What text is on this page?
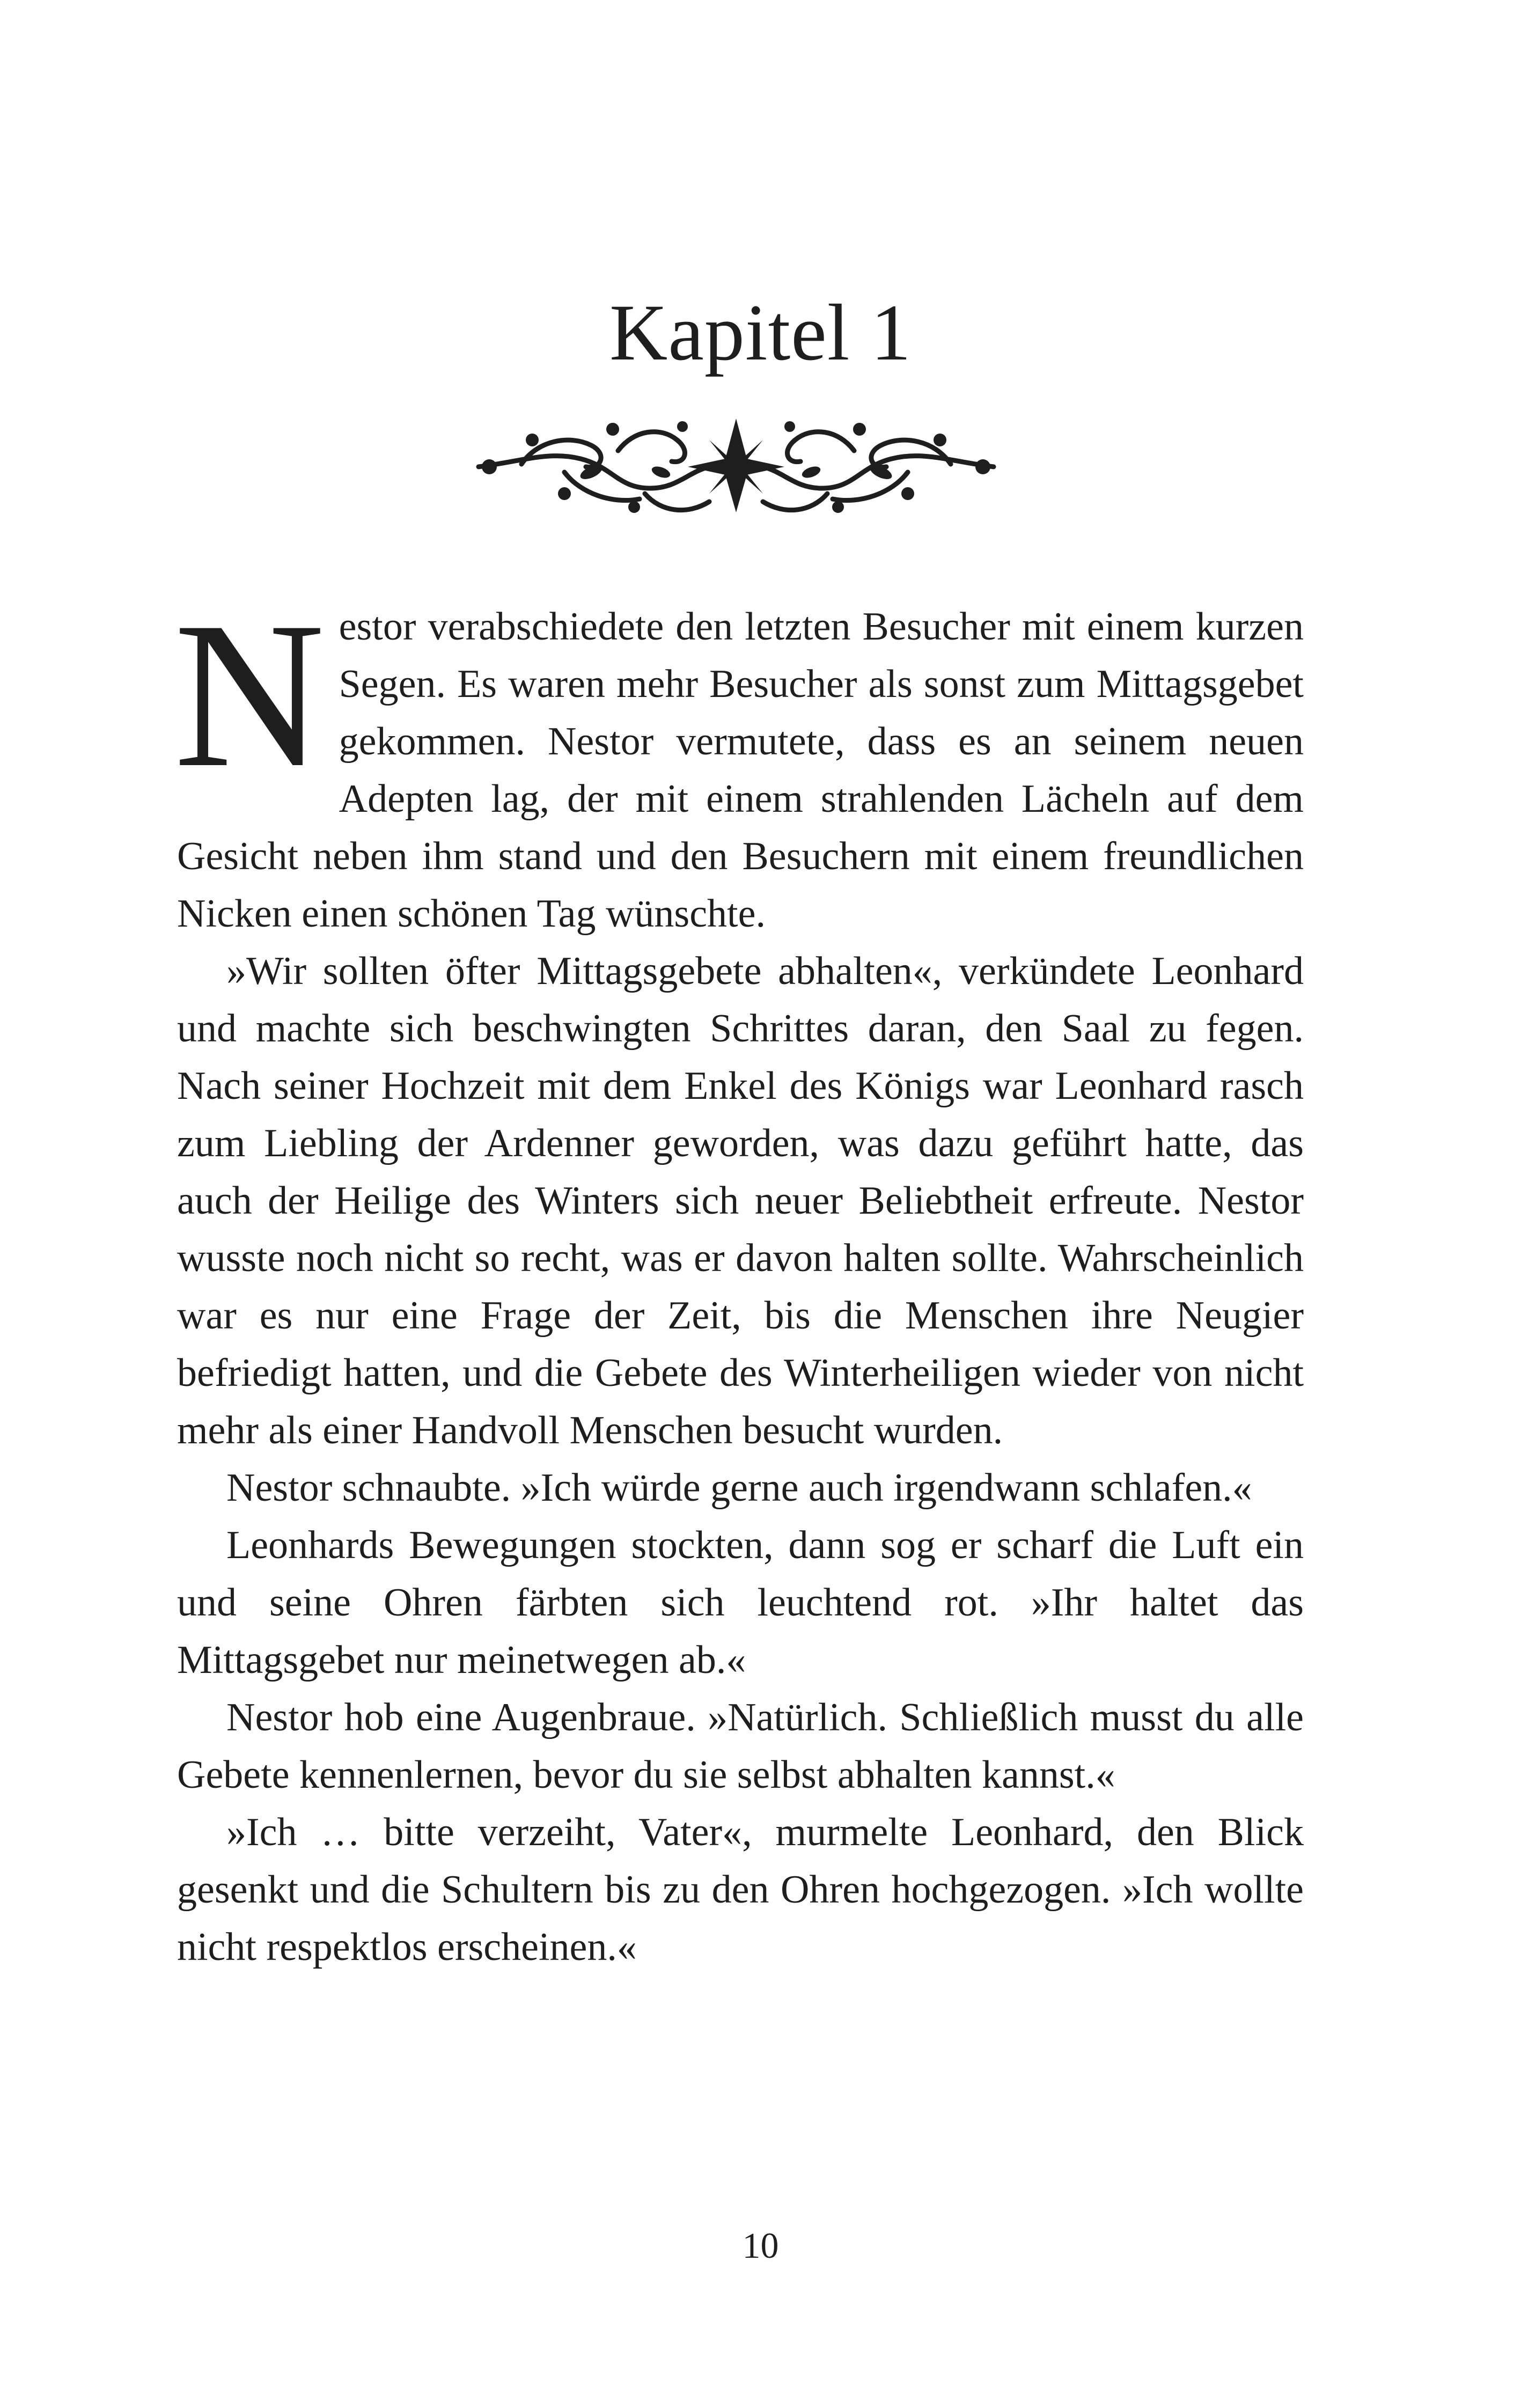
Kapitel 1

Nestor verabschiedete den letzten Besucher mit einem kurzen Segen. Es waren mehr Besucher als sonst zum Mittagsgebet gekommen. Nestor vermutete, dass es an seinem neuen Adepten lag, der mit einem strahlenden Lächeln auf dem Gesicht neben ihm stand und den Besuchern mit einem freundlichen Nicken einen schönen Tag wünschte.

»Wir sollten öfter Mittagsgebete abhalten«, verkündete Leonhard und machte sich beschwingten Schrittes daran, den Saal zu fegen. Nach seiner Hochzeit mit dem Enkel des Königs war Leonhard rasch zum Liebling der Ardenner geworden, was dazu geführt hatte, das auch der Heilige des Winters sich neuer Beliebtheit erfreute. Nestor wusste noch nicht so recht, was er davon halten sollte. Wahrscheinlich war es nur eine Frage der Zeit, bis die Menschen ihre Neugier befriedigt hatten, und die Gebete des Winterheiligen wieder von nicht mehr als einer Handvoll Menschen besucht wurden.

Nestor schnaubte. »Ich würde gerne auch irgendwann schlafen.«

Leonhards Bewegungen stockten, dann sog er scharf die Luft ein und seine Ohren färbten sich leuchtend rot. »Ihr haltet das Mittagsgebet nur meinetwegen ab.«

Nestor hob eine Augenbraue. »Natürlich. Schließlich musst du alle Gebete kennenlernen, bevor du sie selbst abhalten kannst.«

»Ich … bitte verzeiht, Vater«, murmelte Leonhard, den Blick gesenkt und die Schultern bis zu den Ohren hochgezogen. »Ich wollte nicht respektlos erscheinen.«

10
